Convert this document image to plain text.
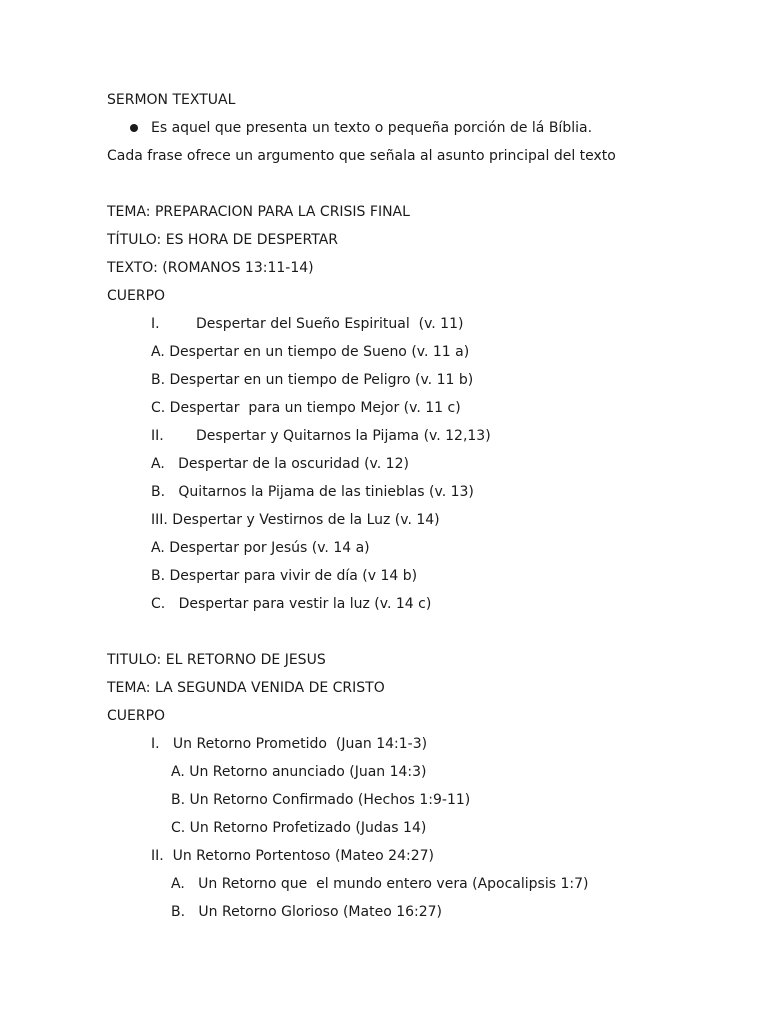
SERMON TEXTUAL
Es aquel que presenta un texto o pequeña porción de lá Bíblia.
Cada frase ofrece un argumento que señala al asunto principal del texto
TEMA: PREPARACION PARA LA CRISIS FINAL
TÍTULO: ES HORA DE DESPERTAR
TEXTO: (ROMANOS 13:11-14)
CUERPO
I.	Despertar del Sueño Espiritual  (v. 11)
A. Despertar en un tiempo de Sueno (v. 11 a)
B. Despertar en un tiempo de Peligro (v. 11 b)
C. Despertar  para un tiempo Mejor (v. 11 c)
II. Despertar y Quitarnos la Pijama (v. 12,13)
A.   Despertar de la oscuridad (v. 12)
B.   Quitarnos la Pijama de las tinieblas (v. 13)
III. Despertar y Vestirnos de la Luz (v. 14)
A. Despertar por Jesús (v. 14 a)
B. Despertar para vivir de día (v 14 b)
C.   Despertar para vestir la luz (v. 14 c)
TITULO: EL RETORNO DE JESUS
TEMA: LA SEGUNDA VENIDA DE CRISTO
CUERPO
I.   Un Retorno Prometido  (Juan 14:1-3)
A. Un Retorno anunciado (Juan 14:3)
B. Un Retorno Confirmado (Hechos 1:9-11)
C. Un Retorno Profetizado (Judas 14)
II.  Un Retorno Portentoso (Mateo 24:27)
A.   Un Retorno que  el mundo entero vera (Apocalipsis 1:7)
B.   Un Retorno Glorioso (Mateo 16:27)
